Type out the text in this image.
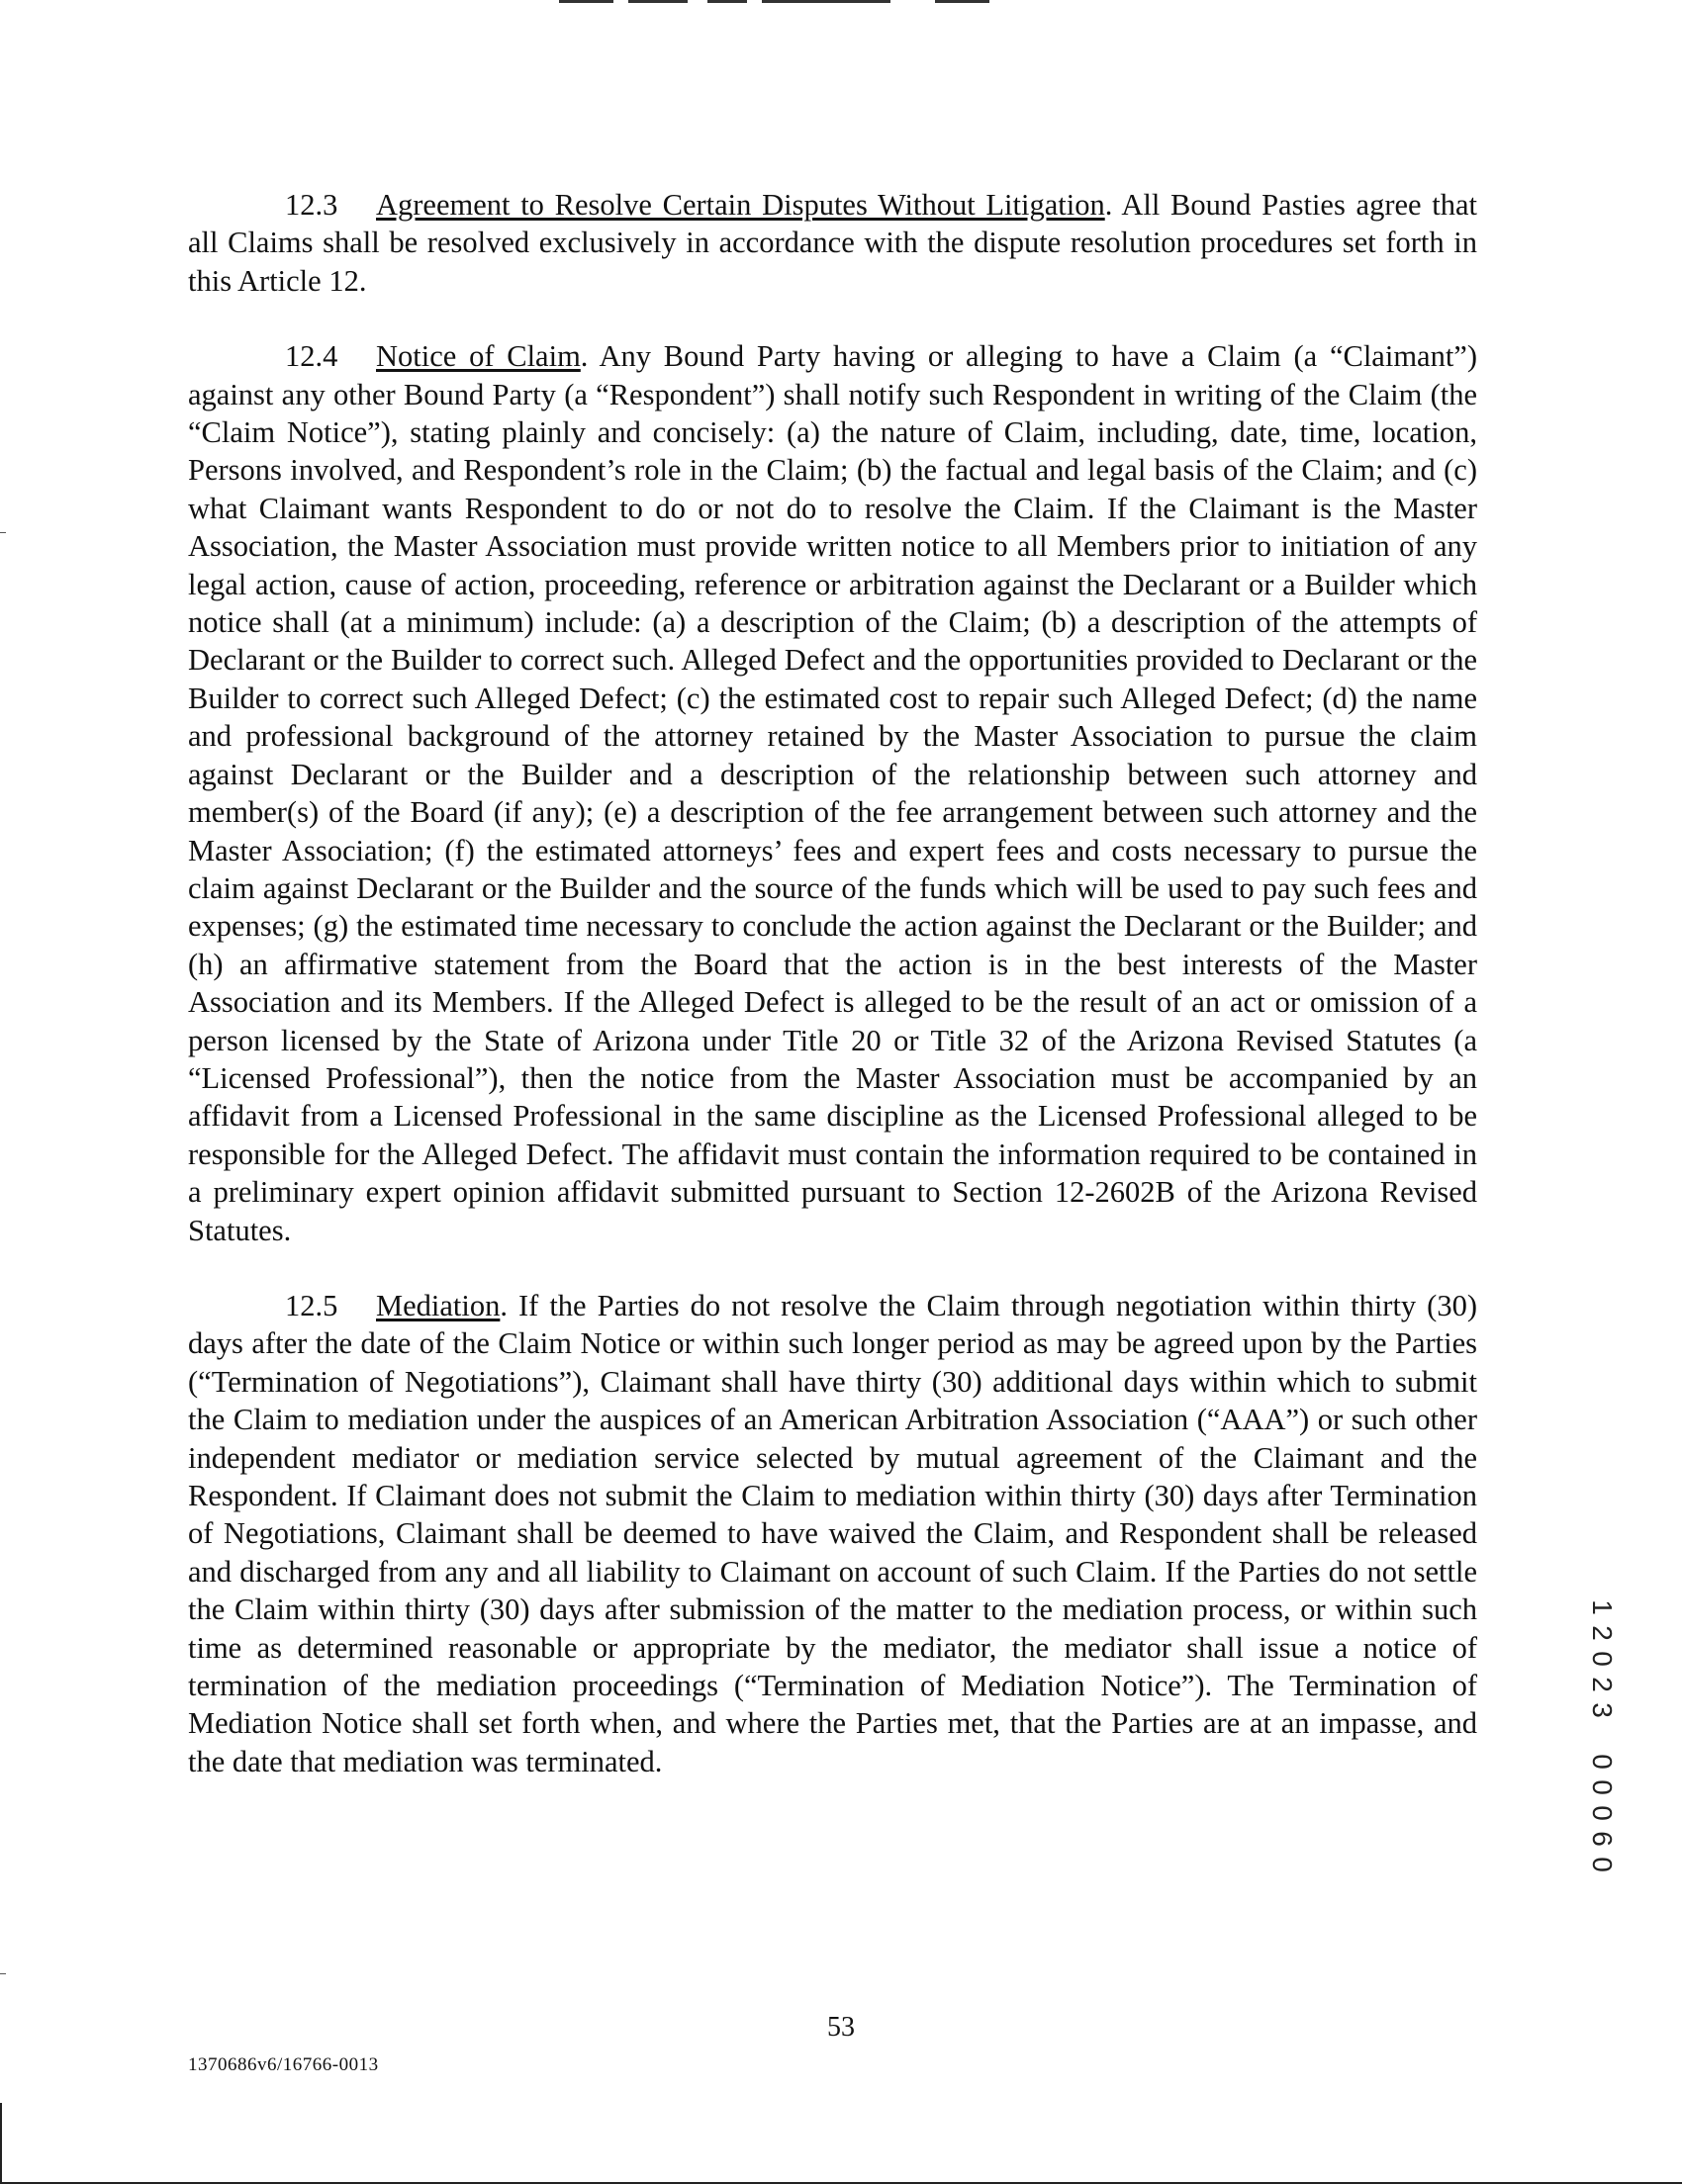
12.3 Agreement to Resolve Certain Disputes Without Litigation. All Bound Pasties agree that all Claims shall be resolved exclusively in accordance with the dispute resolution procedures set forth in this Article 12.

12.4 Notice of Claim. Any Bound Party having or alleging to have a Claim (a “Claimant”) against any other Bound Party (a “Respondent”) shall notify such Respondent in writing of the Claim (the “Claim Notice”), stating plainly and concisely: (a) the nature of Claim, including, date, time, location, Persons involved, and Respondent’s role in the Claim; (b) the factual and legal basis of the Claim; and (c) what Claimant wants Respondent to do or not do to resolve the Claim. If the Claimant is the Master Association, the Master Association must provide written notice to all Members prior to initiation of any legal action, cause of action, proceeding, reference or arbitration against the Declarant or a Builder which notice shall (at a minimum) include: (a) a description of the Claim; (b) a description of the attempts of Declarant or the Builder to correct such. Alleged Defect and the opportunities provided to Declarant or the Builder to correct such Alleged Defect; (c) the estimated cost to repair such Alleged Defect; (d) the name and professional background of the attorney retained by the Master Association to pursue the claim against Declarant or the Builder and a description of the relationship between such attorney and member(s) of the Board (if any); (e) a description of the fee arrangement between such attorney and the Master Association; (f) the estimated attorneys’ fees and expert fees and costs necessary to pursue the claim against Declarant or the Builder and the source of the funds which will be used to pay such fees and expenses; (g) the estimated time necessary to conclude the action against the Declarant or the Builder; and (h) an affirmative statement from the Board that the action is in the best interests of the Master Association and its Members. If the Alleged Defect is alleged to be the result of an act or omission of a person licensed by the State of Arizona under Title 20 or Title 32 of the Arizona Revised Statutes (a “Licensed Professional”), then the notice from the Master Association must be accompanied by an affidavit from a Licensed Professional in the same discipline as the Licensed Professional alleged to be responsible for the Alleged Defect. The affidavit must contain the information required to be contained in a preliminary expert opinion affidavit submitted pursuant to Section 12-2602B of the Arizona Revised Statutes.

12.5 Mediation. If the Parties do not resolve the Claim through negotiation within thirty (30) days after the date of the Claim Notice or within such longer period as may be agreed upon by the Parties (“Termination of Negotiations”), Claimant shall have thirty (30) additional days within which to submit the Claim to mediation under the auspices of an American Arbitration Association (“AAA”) or such other independent mediator or mediation service selected by mutual agreement of the Claimant and the Respondent. If Claimant does not submit the Claim to mediation within thirty (30) days after Termination of Negotiations, Claimant shall be deemed to have waived the Claim, and Respondent shall be released and discharged from any and all liability to Claimant on account of such Claim. If the Parties do not settle the Claim within thirty (30) days after submission of the matter to the mediation process, or within such time as determined reasonable or appropriate by the mediator, the mediator shall issue a notice of termination of the mediation proceedings (“Termination of Mediation Notice”). The Termination of Mediation Notice shall set forth when, and where the Parties met, that the Parties are at an impasse, and the date that mediation was terminated.

1
2
0
2
3

0
0
0
6
0
53
1370686v6/16766-0013
